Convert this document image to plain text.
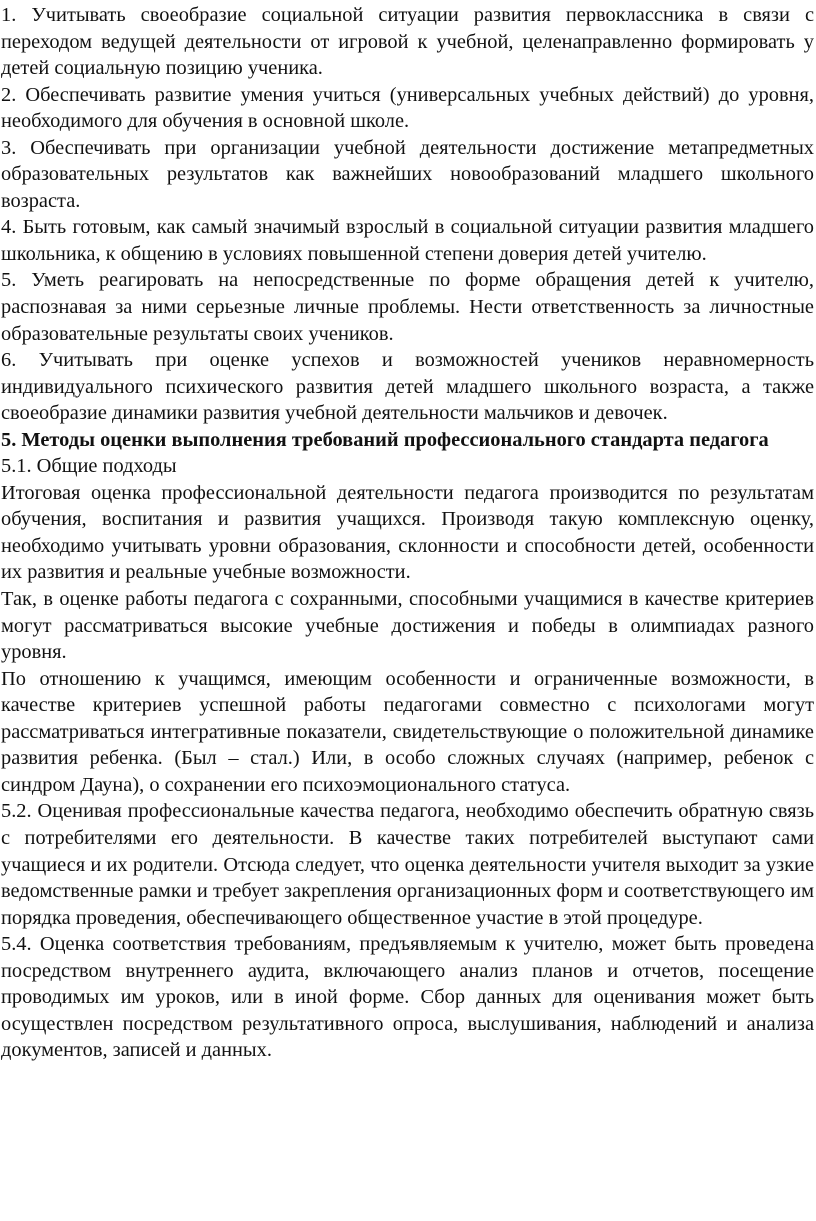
1. Учитывать своеобразие социальной ситуации развития первоклассника в связи с переходом ведущей деятельности от игровой к учебной, целенаправленно формировать у детей социальную позицию ученика.

2. Обеспечивать развитие умения учиться (универсальных учебных действий) до уровня, необходимого для обучения в основной школе.

3. Обеспечивать при организации учебной деятельности достижение метапредметных образовательных результатов как важнейших новообразований младшего школьного возраста.

4. Быть готовым, как самый значимый взрослый в социальной ситуации развития младшего школьника, к общению в условиях повышенной степени доверия детей учителю.

5. Уметь реагировать на непосредственные по форме обращения детей к учителю, распознавая за ними серьезные личные проблемы. Нести ответственность за личностные образовательные результаты своих учеников.

6. Учитывать при оценке успехов и возможностей учеников неравномерность индивидуального психического развития детей младшего школьного возраста, а также своеобразие динамики развития учебной деятельности мальчиков и девочек.

5. Методы оценки выполнения требований профессионального стандарта педагога

5.1. Общие подходы

Итоговая оценка профессиональной деятельности педагога производится по результатам обучения, воспитания и развития учащихся. Производя такую комплексную оценку, необходимо учитывать уровни образования, склонности и способности детей, особенности их развития и реальные учебные возможности.

Так, в оценке работы педагога с сохранными, способными учащимися в качестве критериев могут рассматриваться высокие учебные достижения и победы в олимпиадах разного уровня.

По отношению к учащимся, имеющим особенности и ограниченные возможности, в качестве критериев успешной работы педагогами совместно с психологами могут рассматриваться интегративные показатели, свидетельствующие о положительной динамике развития ребенка. (Был – стал.) Или, в особо сложных случаях (например, ребенок с синдром Дауна), о сохранении его психоэмоционального статуса.

5.2. Оценивая профессиональные качества педагога, необходимо обеспечить обратную связь с потребителями его деятельности. В качестве таких потребителей выступают сами учащиеся и их родители. Отсюда следует, что оценка деятельности учителя выходит за узкие ведомственные рамки и требует закрепления организационных форм и соответствующего им порядка проведения, обеспечивающего общественное участие в этой процедуре.

5.4. Оценка соответствия требованиям, предъявляемым к учителю, может быть проведена посредством внутреннего аудита, включающего анализ планов и отчетов, посещение проводимых им уроков, или в иной форме. Сбор данных для оценивания может быть осуществлен посредством результативного опроса, выслушивания, наблюдений и анализа документов, записей и данных.
